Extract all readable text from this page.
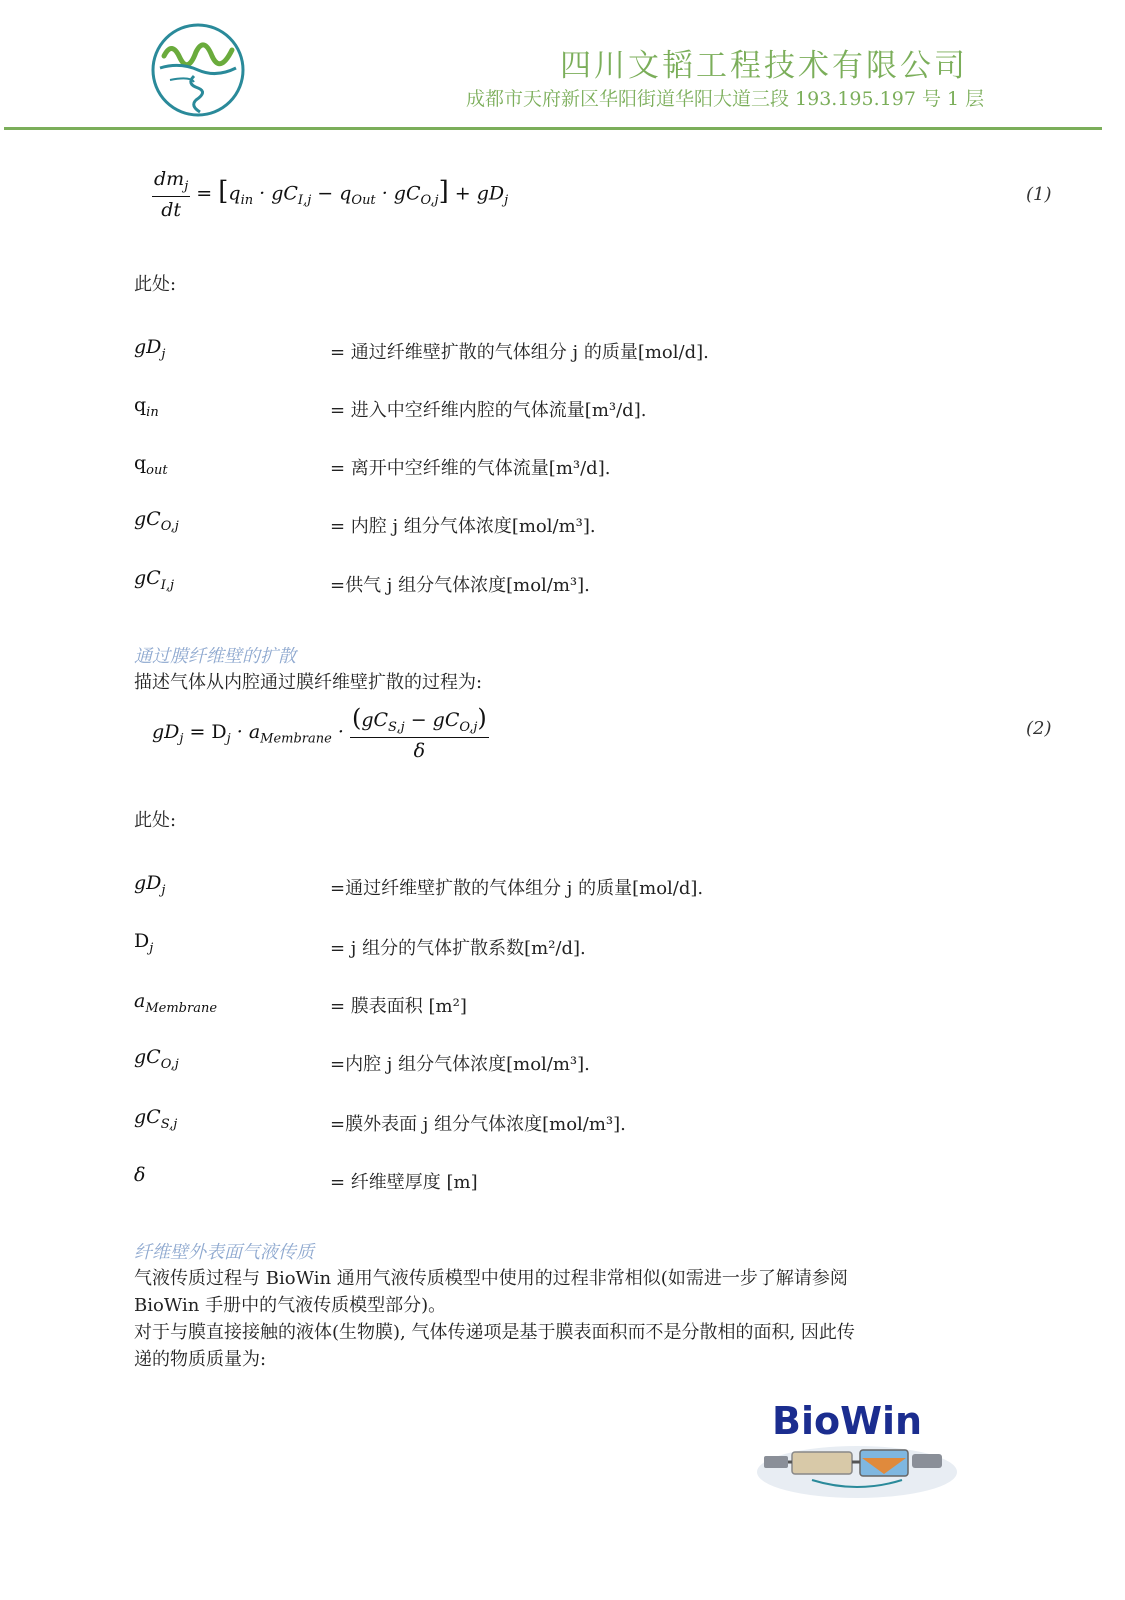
四川文韬工程技术有限公司
成都市天府新区华阳街道华阳大道三段 193.195.197 号 1 层
$\frac{dm_j}{dt} = [q_{in} \cdot gC_{I,j} - q_{Out} \cdot gC_{O,j}] + gD_j$	(1)
此处:
$gD_j$	= 通过纤维壁扩散的气体组分 j 的质量[mol/d].
$q_{in}$	= 进入中空纤维内腔的气体流量[m³/d].
$q_{out}$	= 离开中空纤维的气体流量[m³/d].
$gC_{O,j}$	= 内腔 j 组分气体浓度[mol/m³].
$gC_{I,j}$	=供气 j 组分气体浓度[mol/m³].
通过膜纤维壁的扩散
描述气体从内腔通过膜纤维壁扩散的过程为:
$gD_j = D_j \cdot a_{Membrane} \cdot \frac{(gC_{S,j} - gC_{O,j})}{\delta}$	(2)
此处:
$gD_j$	=通过纤维壁扩散的气体组分 j 的质量[mol/d].
$D_j$	= j 组分的气体扩散系数[m²/d].
$a_{Membrane}$	= 膜表面积 [m²]
$gC_{O,j}$	=内腔 j 组分气体浓度[mol/m³].
$gC_{S,j}$	=膜外表面 j 组分气体浓度[mol/m³].
δ	= 纤维壁厚度 [m]
纤维壁外表面气液传质
气液传质过程与 BioWin 通用气液传质模型中使用的过程非常相似(如需进一步了解请参阅
BioWin 手册中的气液传质模型部分)。
对于与膜直接接触的液体(生物膜), 气体传递项是基于膜表面积而不是分散相的面积, 因此传
递的物质质量为:
BioWin
